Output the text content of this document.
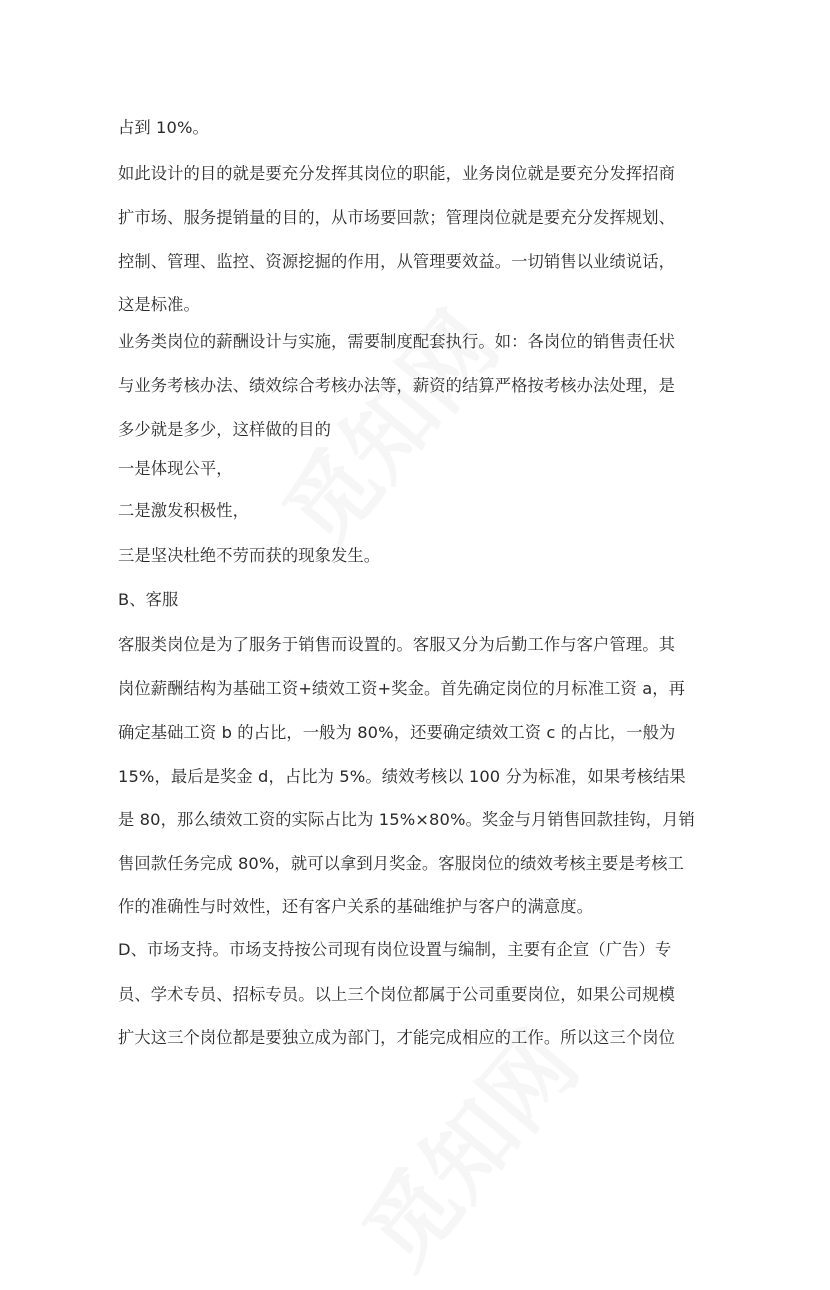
占到 10%。
如此设计的目的就是要充分发挥其岗位的职能，业务岗位就是要充分发挥招商
扩市场、服务提销量的目的，从市场要回款；管理岗位就是要充分发挥规划、
控制、管理、监控、资源挖掘的作用，从管理要效益。一切销售以业绩说话，
这是标准。
业务类岗位的薪酬设计与实施，需要制度配套执行。如：各岗位的销售责任状
与业务考核办法、绩效综合考核办法等，薪资的结算严格按考核办法处理，是
多少就是多少，这样做的目的
一是体现公平，
二是激发积极性，
三是坚决杜绝不劳而获的现象发生。
B、客服
客服类岗位是为了服务于销售而设置的。客服又分为后勤工作与客户管理。其
岗位薪酬结构为基础工资+绩效工资+奖金。首先确定岗位的月标准工资 a，再
确定基础工资 b 的占比，一般为 80%，还要确定绩效工资 c 的占比，一般为
15%，最后是奖金 d，占比为 5%。绩效考核以 100 分为标准，如果考核结果
是 80，那么绩效工资的实际占比为 15%×80%。奖金与月销售回款挂钩，月销
售回款任务完成 80%，就可以拿到月奖金。客服岗位的绩效考核主要是考核工
作的准确性与时效性，还有客户关系的基础维护与客户的满意度。
D、市场支持。市场支持按公司现有岗位设置与编制，主要有企宣（广告）专
员、学术专员、招标专员。以上三个岗位都属于公司重要岗位，如果公司规模
扩大这三个岗位都是要独立成为部门，才能完成相应的工作。所以这三个岗位
